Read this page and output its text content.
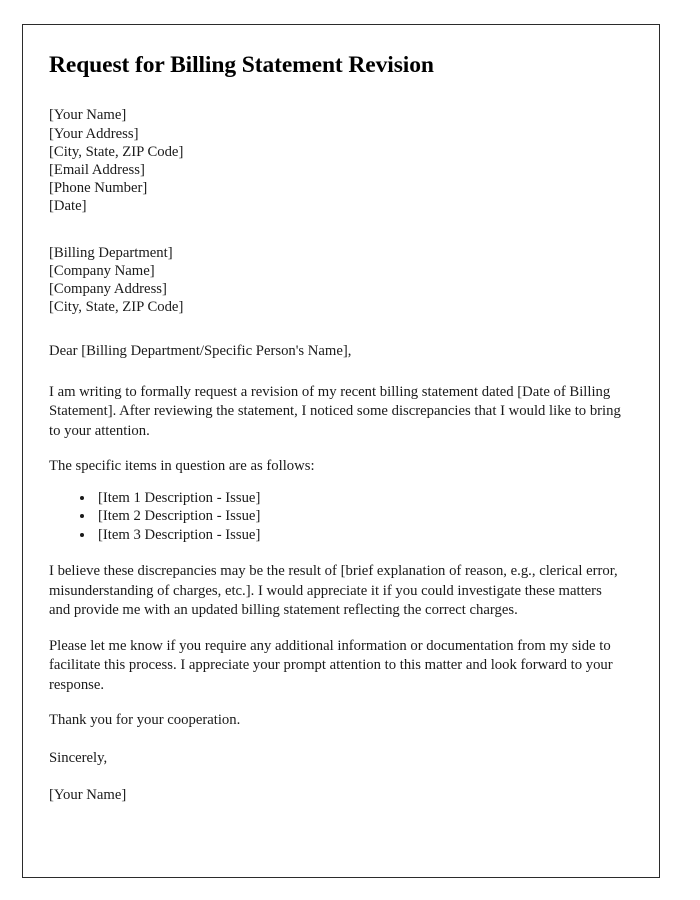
Request for Billing Statement Revision
[Your Name]
[Your Address]
[City, State, ZIP Code]
[Email Address]
[Phone Number]
[Date]
[Billing Department]
[Company Name]
[Company Address]
[City, State, ZIP Code]

Dear [Billing Department/Specific Person's Name],

I am writing to formally request a revision of my recent billing statement dated [Date of Billing Statement]. After reviewing the statement, I noticed some discrepancies that I would like to bring to your attention.

The specific items in question are as follows:

• [Item 1 Description - Issue]
• [Item 2 Description - Issue]
• [Item 3 Description - Issue]

I believe these discrepancies may be the result of [brief explanation of reason, e.g., clerical error, misunderstanding of charges, etc.]. I would appreciate it if you could investigate these matters and provide me with an updated billing statement reflecting the correct charges.

Please let me know if you require any additional information or documentation from my side to facilitate this process. I appreciate your prompt attention to this matter and look forward to your response.

Thank you for your cooperation.

Sincerely,

[Your Name]
